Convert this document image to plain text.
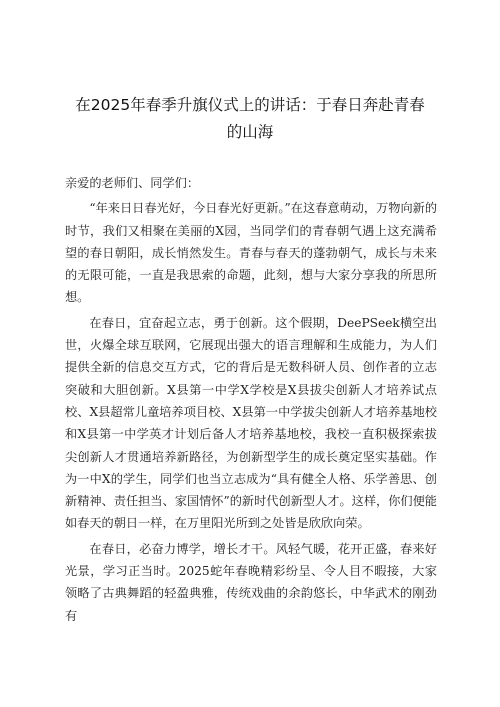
在2025年春季升旗仪式上的讲话：于春日奔赴青春的山海

亲爱的老师们、同学们：

“年来日日春光好，今日春光好更新。”在这春意萌动，万物向新的时节，我们又相聚在美丽的X园，当同学们的青春朝气遇上这充满希望的春日朝阳，成长悄然发生。青春与春天的蓬勃朝气，成长与未来的无限可能，一直是我思索的命题，此刻，想与大家分享我的所思所想。

在春日，宜奋起立志，勇于创新。这个假期，DeePSeek横空出世，火爆全球互联网，它展现出强大的语言理解和生成能力，为人们提供全新的信息交互方式，它的背后是无数科研人员、创作者的立志突破和大胆创新。X县第一中学X学校是X县拔尖创新人才培养试点校、X县超常儿童培养项目校、X县第一中学拔尖创新人才培养基地校和X县第一中学英才计划后备人才培养基地校，我校一直积极探索拔尖创新人才贯通培养新路径，为创新型学生的成长奠定坚实基础。作为一中X的学生，同学们也当立志成为“具有健全人格、乐学善思、创新精神、责任担当、家国情怀”的新时代创新型人才。这样，你们便能如春天的朝日一样，在万里阳光所到之处皆是欣欣向荣。

在春日，必奋力博学，增长才干。风轻气暖，花开正盛，春来好光景，学习正当时。2025蛇年春晚精彩纷呈、令人目不暇接，大家领略了古典舞蹈的轻盈典雅，传统戏曲的余韵悠长，中华武术的刚劲有
